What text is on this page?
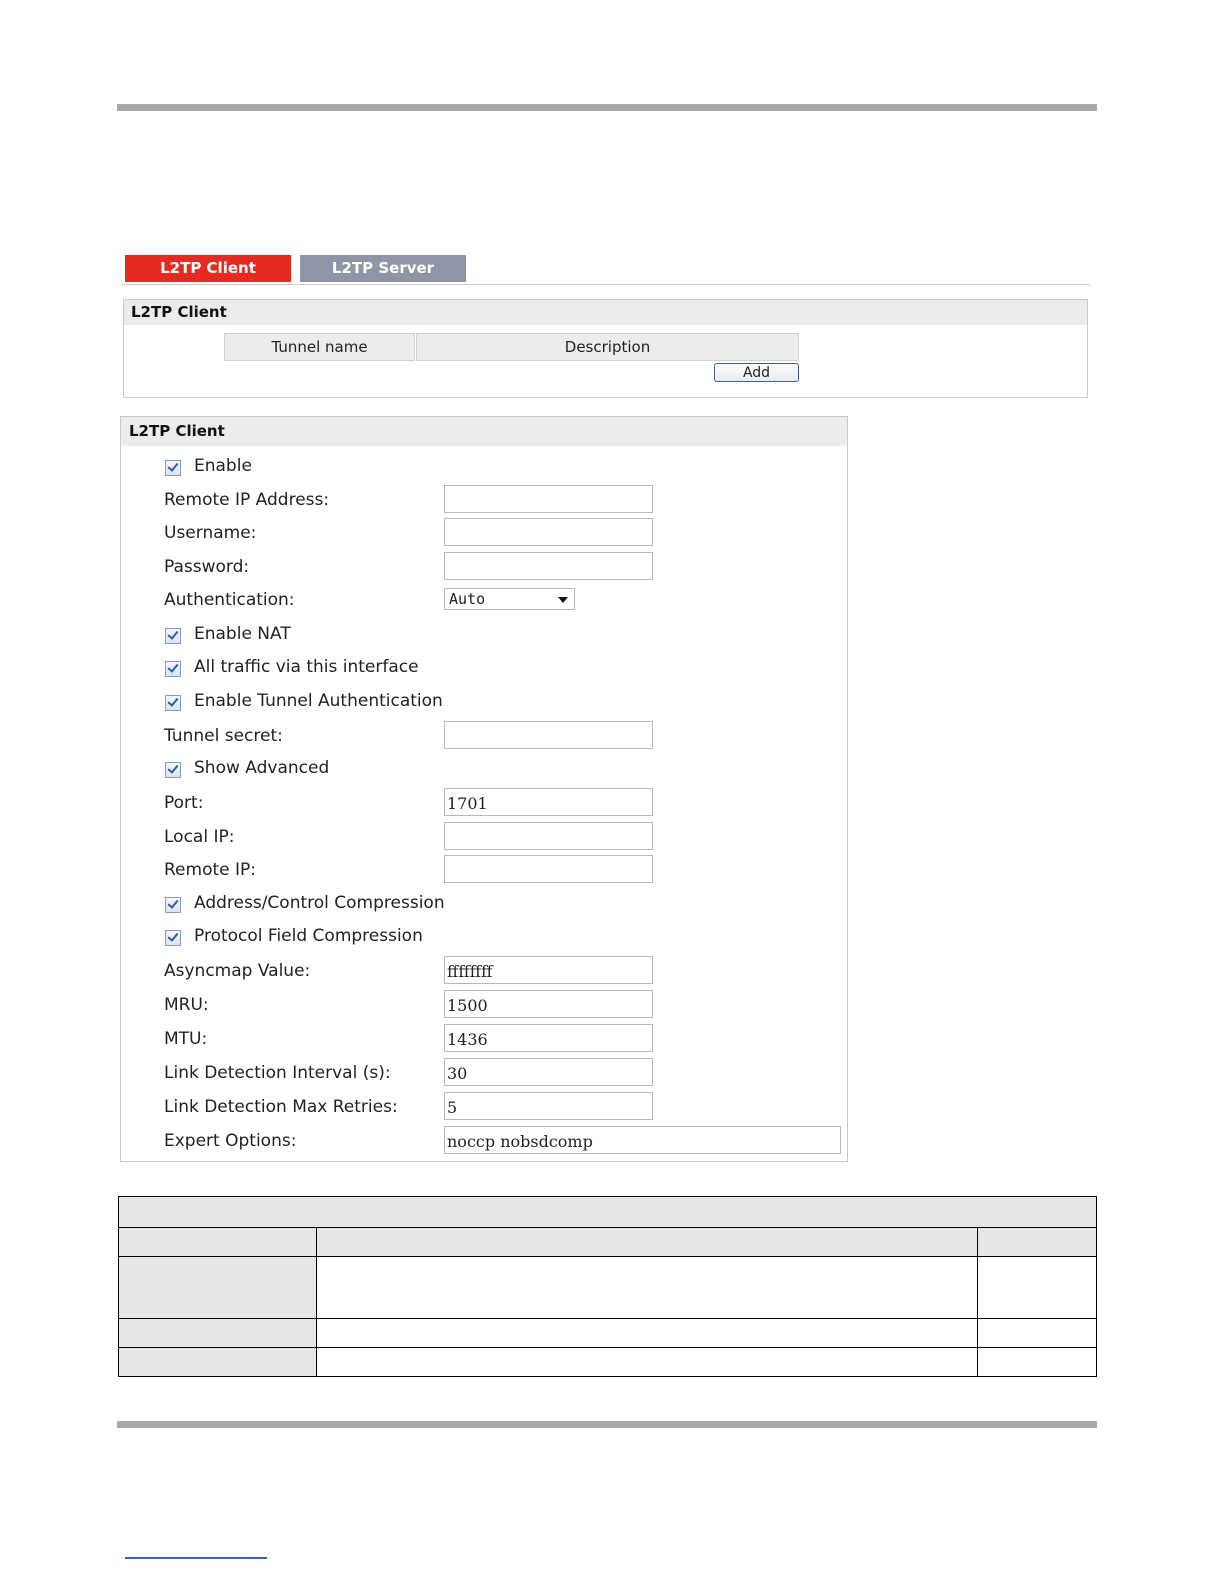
L2TP Client	L2TP Server
L2TP Client
Tunnel name	Description
Add
L2TP Client
Enable
Remote IP Address:
Username:
Password:
Authentication:	Auto
Enable NAT
All traffic via this interface
Enable Tunnel Authentication
Tunnel secret:
Show Advanced
Port:
1701
Local IP:
Remote IP:
Address/Control Compression
Protocol Field Compression
Asyncmap Value:
ffffffff
MRU:
1500
MTU:
1436
Link Detection Interval (s):
30
Link Detection Max Retries:
5
Expert Options:
noccp nobsdcomp
